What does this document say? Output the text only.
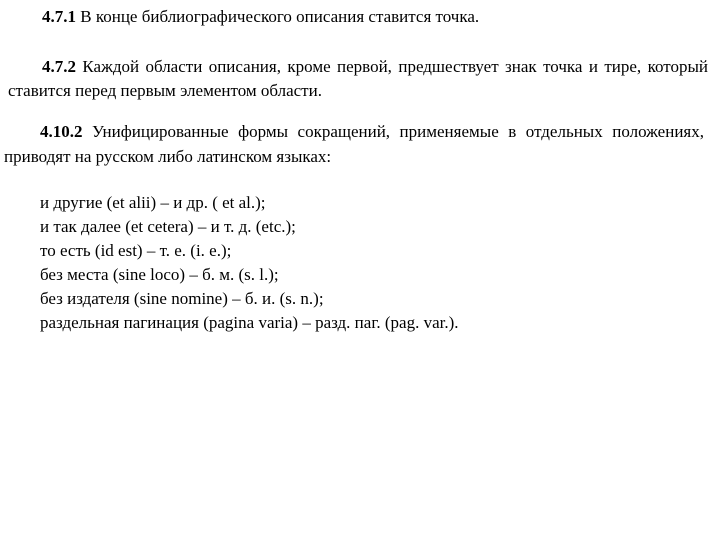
4.7.1 В конце библиографического описания ставится точка.

4.7.2 Каждой области описания, кроме первой, предшествует знак точка и тире, который ставится перед первым элементом области.

4.10.2 Унифицированные формы сокращений, применяемые в отдельных положениях, приводят на русском либо латинском языках:

и другие (et alii) – и др. ( et al.);
и так далее (et cetera) – и т. д. (etc.);
то есть (id est) – т. е. (i. e.);
без места (sine loco) – б. м. (s. l.);
без издателя (sine nomine) – б. и. (s. n.);
раздельная пагинация (pagina varia) – разд. паг. (pag. var.).
